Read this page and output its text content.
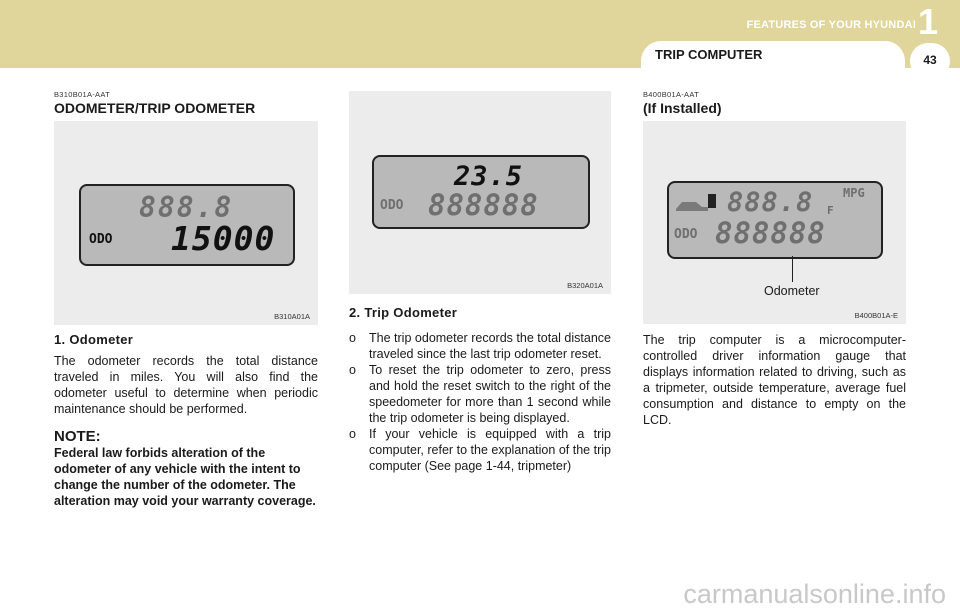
FEATURES OF YOUR HYUNDAI 1
TRIP COMPUTER	43
B310B01A-AAT
ODOMETER/TRIP ODOMETER
888.8
ODO 15000
B310A01A
1. Odometer
The odometer records the total distance traveled in miles. You will also find the odometer useful to determine when periodic maintenance should be performed.
NOTE:
Federal law forbids alteration of the odometer of any vehicle with the intent to change the number of the odometer. The alteration may void your warranty coverage.
23.5
ODO 888888
B320A01A
2. Trip Odometer
o The trip odometer records the total distance traveled since the last trip odometer reset.
o To reset the trip odometer to zero, press and hold the reset switch to the right of the speedometer for more than 1 second while the trip odometer is being displayed.
o If your vehicle is equipped with a trip computer, refer to the explanation of the trip computer (See page 1-44, tripmeter)
B400B01A-AAT
(If Installed)
888.8 F
MPG
ODO 888888
B400B01A-E
Odometer
The trip computer is a microcomputer-controlled driver information gauge that displays information related to driving, such as a tripmeter, outside temperature, average fuel consumption and distance to empty on the LCD.
carmanualsonline.info
